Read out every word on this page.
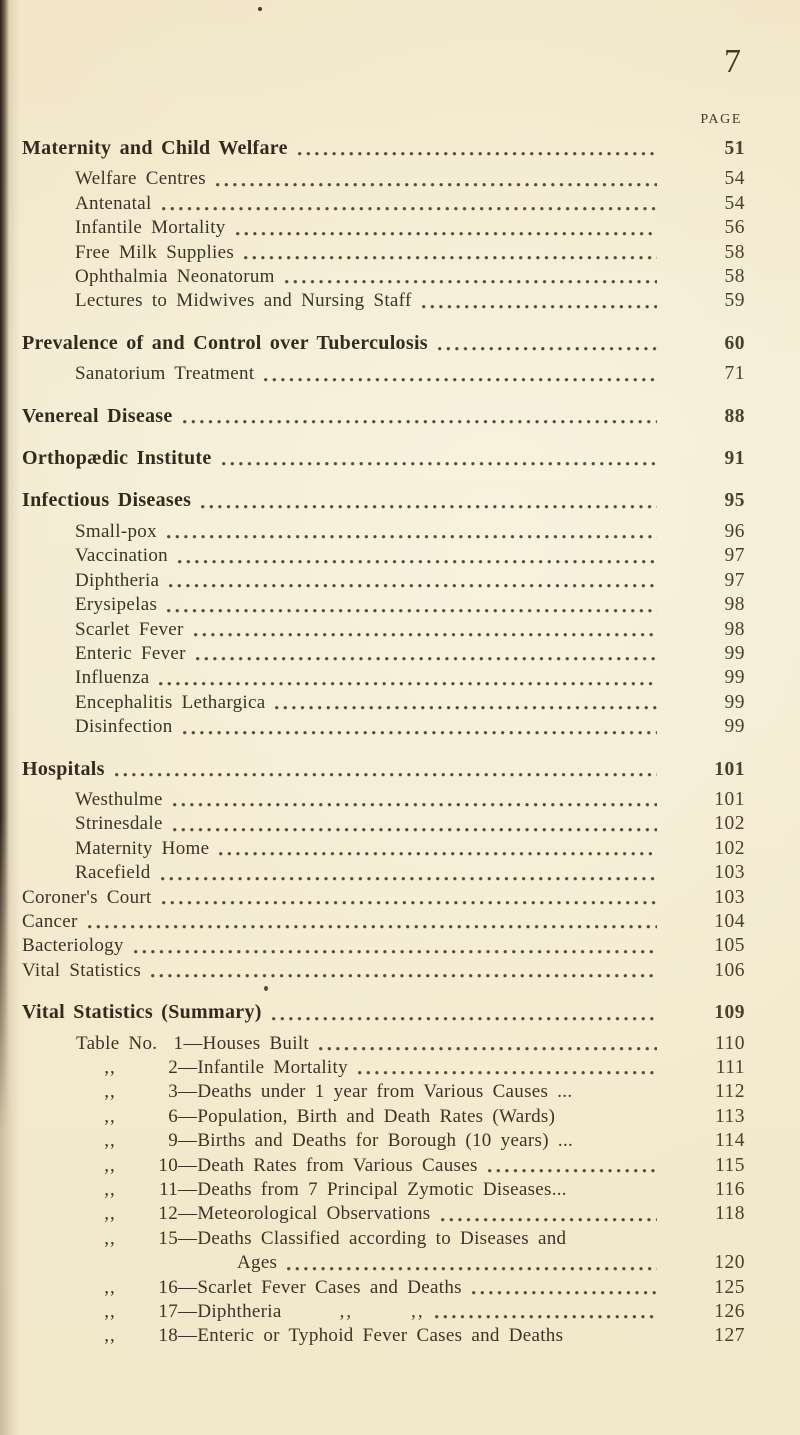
7
PAGE
Maternity and Child Welfare	51
Welfare Centres	54
Antenatal	54
Infantile Mortality	56
Free Milk Supplies	58
Ophthalmia Neonatorum	58
Lectures to Midwives and Nursing Staff	59
Prevalence of and Control over Tuberculosis	60
Sanatorium Treatment	71
Venereal Disease	88
Orthopædic Institute	91
Infectious Diseases	95
Small-pox	96
Vaccination	97
Diphtheria	97
Erysipelas	98
Scarlet Fever	98
Enteric Fever	99
Influenza	99
Encephalitis Lethargica	99
Disinfection	99
Hospitals	101
Westhulme	101
Strinesdale	102
Maternity Home	102
Racefield	103
Coroner's Court	103
Cancer	104
Bacteriology	105
Vital Statistics	106
Vital Statistics (Summary)	109
Table No. 1 — Houses Built	110
,,	2 — Infantile Mortality	111
,,	3 — Deaths under 1 year from Various Causes ...	112
,,	6 — Population, Birth and Death Rates (Wards)	113
,,	9 — Births and Deaths for Borough (10 years) ...	114
,,	10 — Death Rates from Various Causes	115
,,	11 — Deaths from 7 Principal Zymotic Diseases...	116
,,	12 — Meteorological Observations	118
,,	15 — Deaths Classified according to Diseases and
Ages	120
,,	16 — Scarlet Fever Cases and Deaths	125
,,	17 — Diphtheria	,,	,,	126
,,	18 — Enteric or Typhoid Fever Cases and Deaths	127
